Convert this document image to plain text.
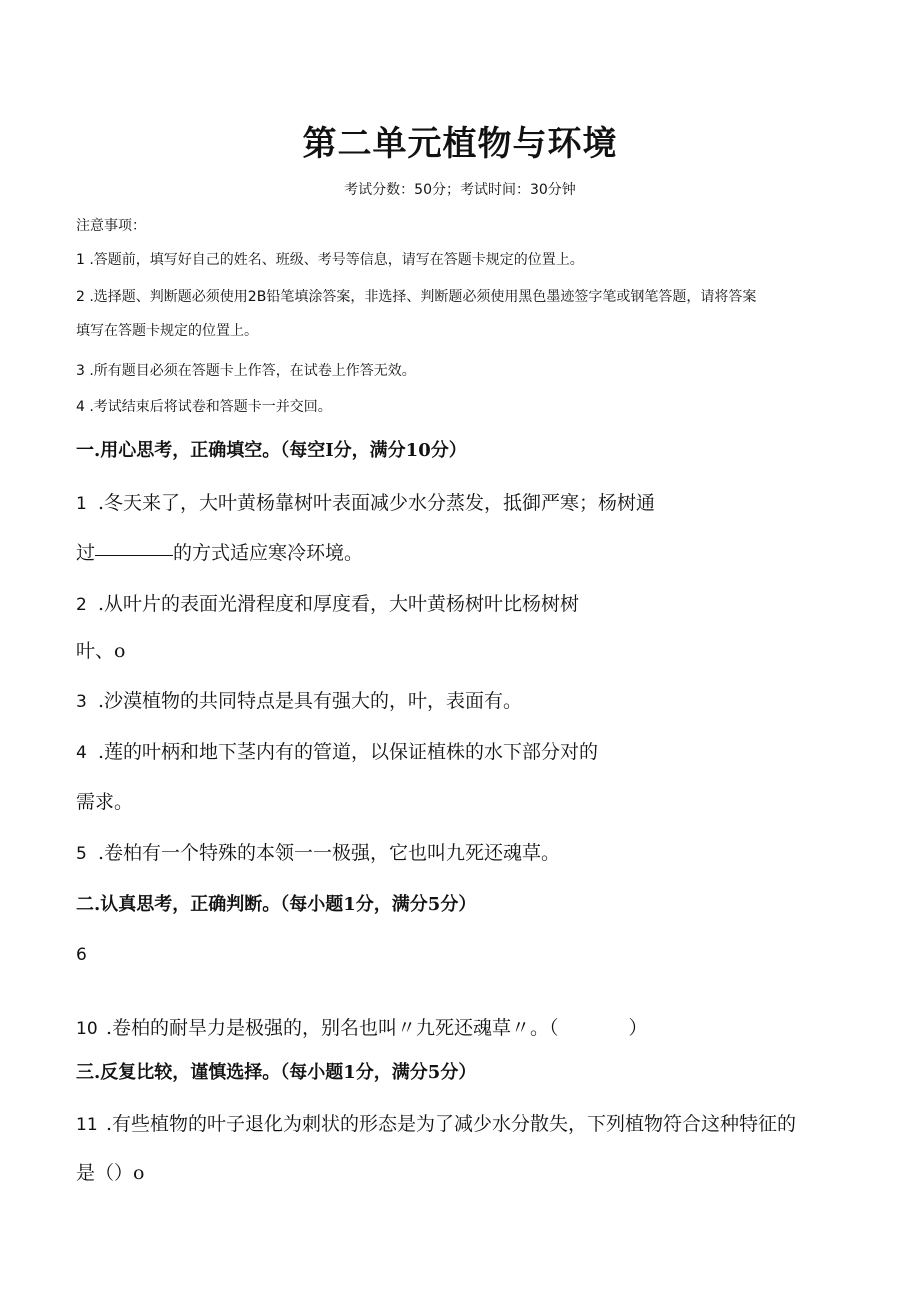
第二单元植物与环境
考试分数：50分；考试时间：30分钟
注意事项：
1 .答题前，填写好自己的姓名、班级、考号等信息，请写在答题卡规定的位置上。
2 .选择题、判断题必须使用2B铅笔填涂答案，非选择、判断题必须使用黑色墨迹签字笔或钢笔答题，请将答案
填写在答题卡规定的位置上。
3 .所有题目必须在答题卡上作答，在试卷上作答无效。
4 .考试结束后将试卷和答题卡一并交回。
一.用心思考，正确填空。（每空I分，满分10分）
1 .冬天来了，大叶黄杨靠树叶表面减少水分蒸发，抵御严寒；杨树通
过	的方式适应寒冷环境。
2 .从叶片的表面光滑程度和厚度看，大叶黄杨树叶比杨树树
叶、o
3 .沙漠植物的共同特点是具有强大的，叶，表面有。
4 .莲的叶柄和地下茎内有的管道，以保证植株的水下部分对的
需求。
5 .卷柏有一个特殊的本领一一极强，它也叫九死还魂草。
二.认真思考，正确判断。（每小题1分，满分5分）
6
10 .卷柏的耐旱力是极强的，别名也叫〃九死还魂草〃。（	）
三.反复比较，谨慎选择。（每小题1分，满分5分）
11 .有些植物的叶子退化为刺状的形态是为了减少水分散失，下列植物符合这种特征的
是（）o
